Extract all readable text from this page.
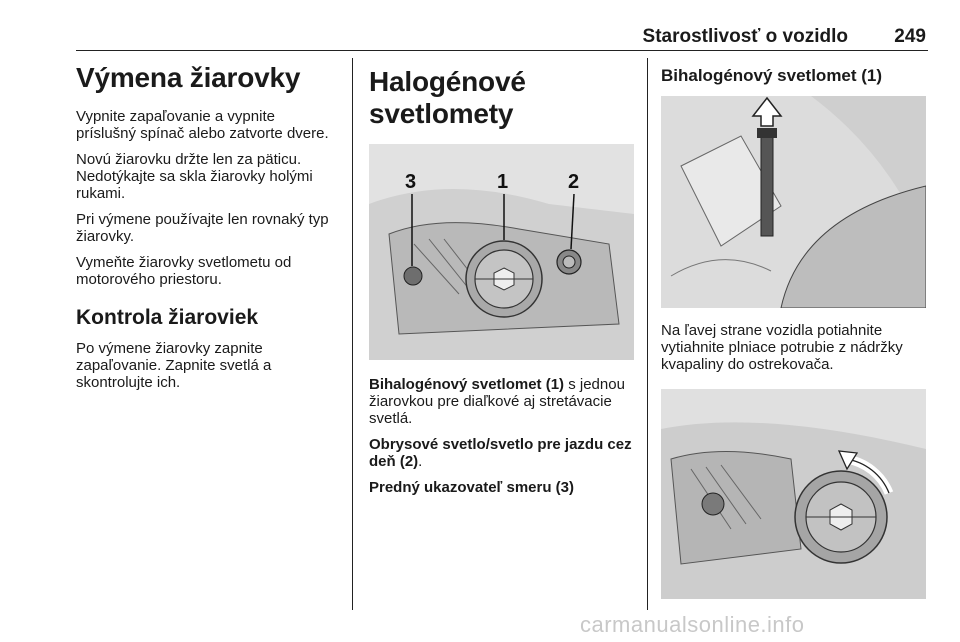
Starostlivosť o vozidlo 249
Výmena žiarovky

Vypnite zapaľovanie a vypnite príslušný spínač alebo zatvorte dvere.

Novú žiarovku držte len za päticu. Nedotýkajte sa skla žiarovky holými rukami.

Pri výmene používajte len rovnaký typ žiarovky.

Vymeňte žiarovky svetlometu od motorového priestoru.

Kontrola žiaroviek

Po výmene žiarovky zapnite zapaľovanie. Zapnite svetlá a skontrolujte ich.

Halogénové svetlomety
3	1	2

Bihalogénový svetlomet (1) s jednou žiarovkou pre diaľkové aj stretávacie svetlá.

Obrysové svetlo/svetlo pre jazdu cez deň (2).

Predný ukazovateľ smeru (3)

Bihalogénový svetlomet (1)

Na ľavej strane vozidla potiahnite vytiahnite plniace potrubie z nádržky kvapaliny do ostrekovača.

carmanualsonline.info
